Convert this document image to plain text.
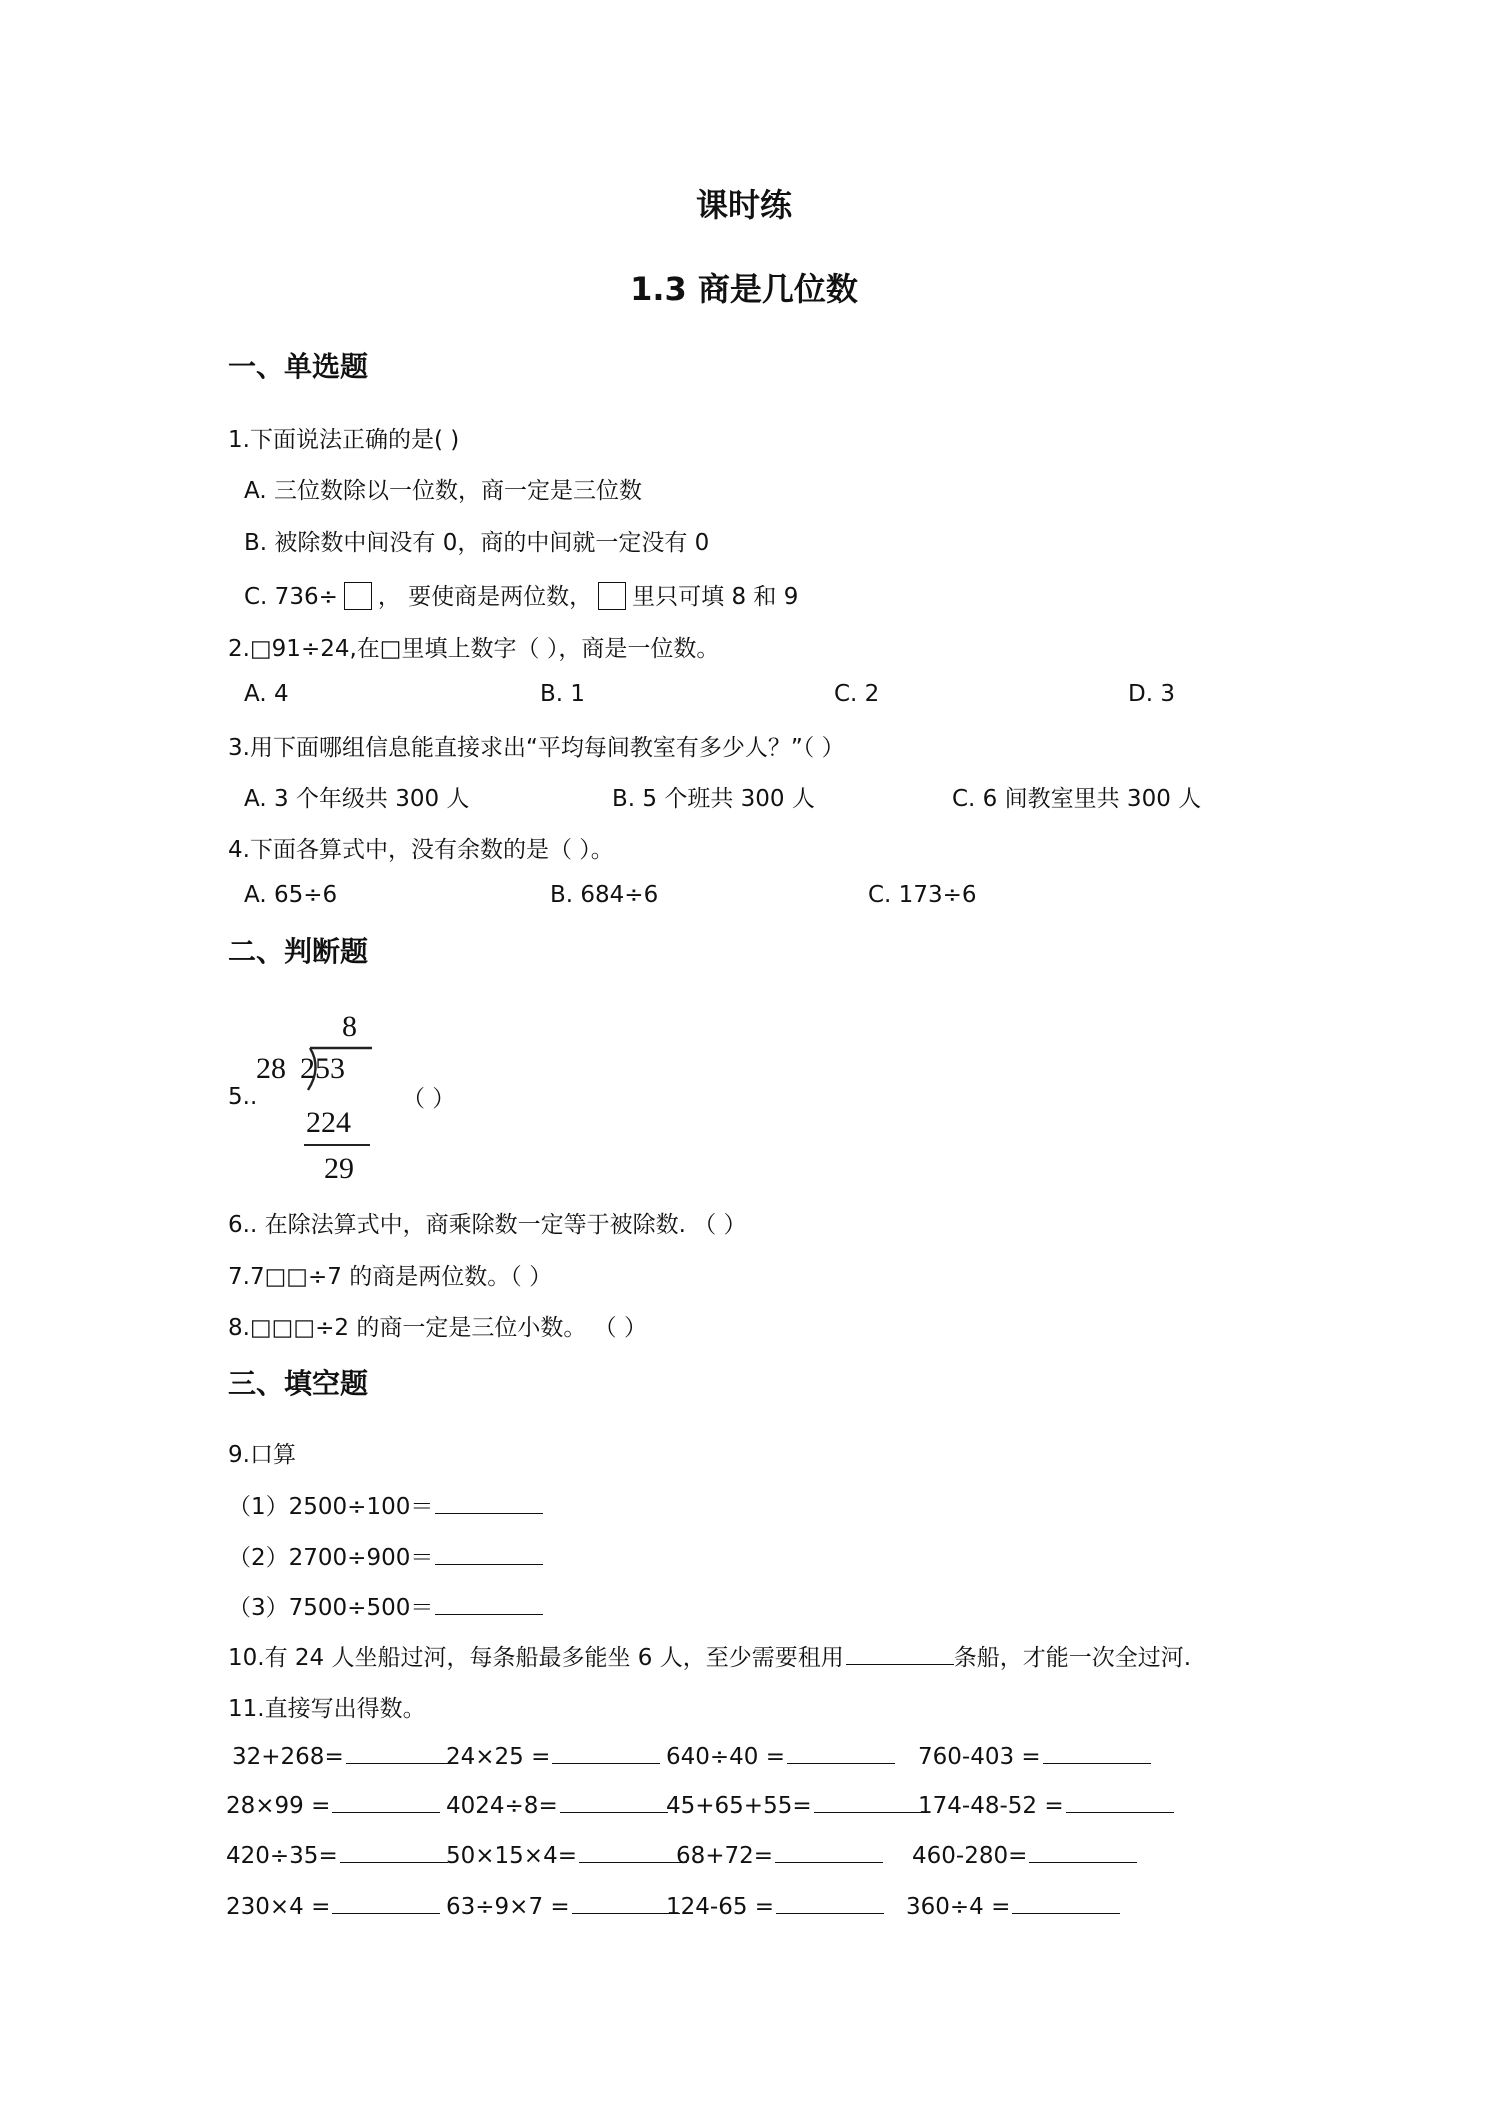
课时练
1.3 商是几位数
一、单选题
1.下面说法正确的是( )
A. 三位数除以一位数，商一定是三位数
B. 被除数中间没有 0，商的中间就一定没有 0
C. 736÷ ， 要使商是两位数， 里只可填 8 和 9
2.□91÷24,在□里填上数字（ ），商是一位数。
A. 4	B. 1	C. 2	D. 3
3.用下面哪组信息能直接求出“平均每间教室有多少人？”（ ）
A. 3 个年级共 300 人	B. 5 个班共 300 人	C. 6 间教室里共 300 人
4.下面各算式中，没有余数的是（ ）。
A. 65÷6	B. 684÷6	C. 173÷6
二、判断题
5..
8
28 253
224
29
（ ）
6.. 在除法算式中，商乘除数一定等于被除数. （ ）
7.7□□÷7 的商是两位数。（ ）
8.□□□÷2 的商一定是三位小数。 （ ）
三、填空题
9.口算
（1）2500÷100＝
（2）2700÷900＝
（3）7500÷500＝
10.有 24 人坐船过河，每条船最多能坐 6 人，至少需要租用	条船，才能一次全过河.
11.直接写出得数。
32+268=	24×25 =	640÷40 =	760-403 =
28×99 =	4024÷8=	45+65+55=	174-48-52 =
420÷35=	50×15×4=	68+72=	460-280=
230×4 =	63÷9×7 =	124-65 =	360÷4 =
